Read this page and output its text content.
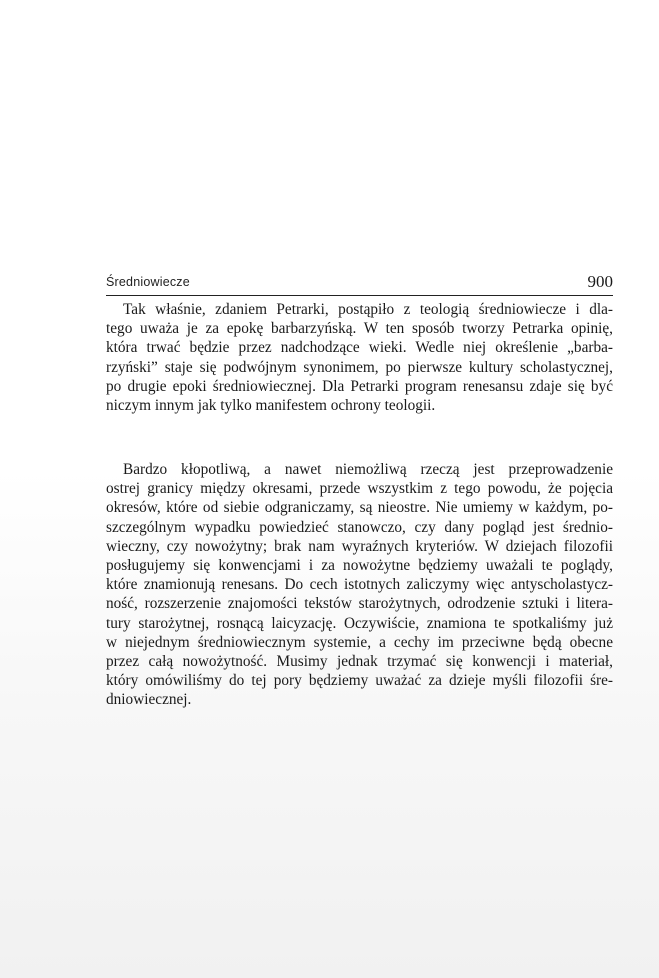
Średniowiecze	900
Tak właśnie, zdaniem Petrarki, postąpiło z teologią średniowiecze i dla-
tego uważa je za epokę barbarzyńską. W ten sposób tworzy Petrarka opinię,
która trwać będzie przez nadchodzące wieki. Wedle niej określenie „barba-
rzyński” staje się podwójnym synonimem, po pierwsze kultury scholastycznej,
po drugie epoki średniowiecznej. Dla Petrarki program renesansu zdaje się być
niczym innym jak tylko manifestem ochrony teologii.
Bardzo kłopotliwą, a nawet niemożliwą rzeczą jest przeprowadzenie
ostrej granicy między okresami, przede wszystkim z tego powodu, że pojęcia
okresów, które od siebie odgraniczamy, są nieostre. Nie umiemy w każdym, po-
szczególnym wypadku powiedzieć stanowczo, czy dany pogląd jest średnio-
wieczny, czy nowożytny; brak nam wyraźnych kryteriów. W dziejach filozofii
posługujemy się konwencjami i za nowożytne będziemy uważali te poglądy,
które znamionują renesans. Do cech istotnych zaliczymy więc antyscholastycz-
ność, rozszerzenie znajomości tekstów starożytnych, odrodzenie sztuki i litera-
tury starożytnej, rosnącą laicyzację. Oczywiście, znamiona te spotkaliśmy już
w niejednym średniowiecznym systemie, a cechy im przeciwne będą obecne
przez całą nowożytność. Musimy jednak trzymać się konwencji i materiał,
który omówiliśmy do tej pory będziemy uważać za dzieje myśli filozofii śre-
dniowiecznej.
